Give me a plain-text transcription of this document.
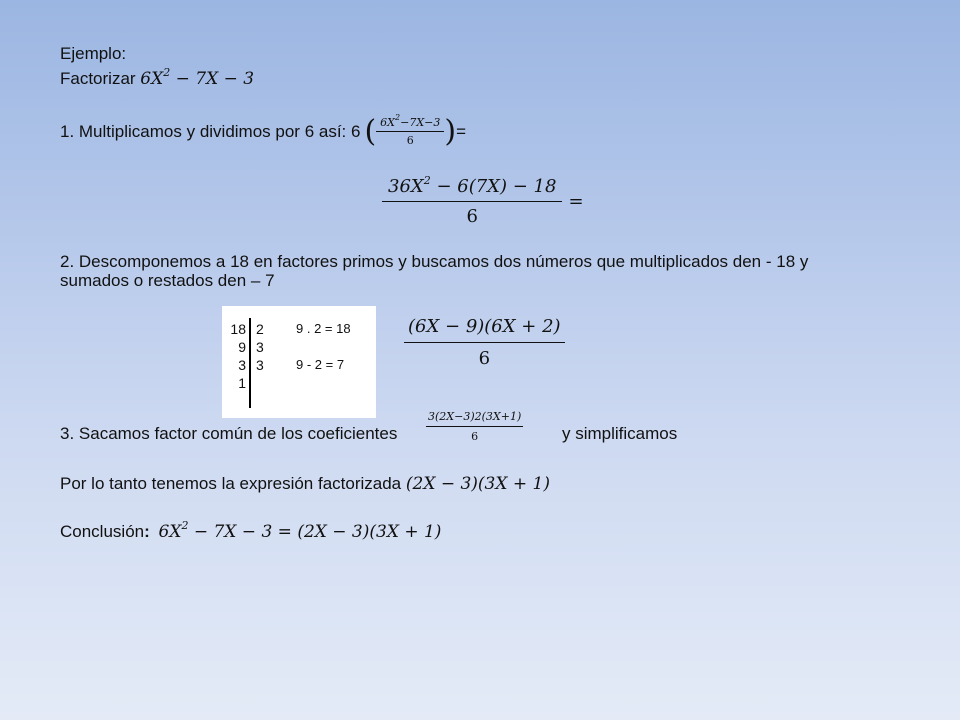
Ejemplo:
Factorizar $6X^2 - 7X - 3$
1. Multiplicamos y dividimos por 6 así: 6 ( $\frac{6X^2-7X-3}{6}$ ) =
$\frac{36X^2 - 6(7X) - 18}{6}$ =
2. Descomponemos a 18 en factores primos y buscamos dos números que multiplicados den - 18 y
sumados o restados den – 7
18
9
3
1
2
3
3
9 . 2 = 18
9 - 2 = 7	$\frac{(6X - 9)(6X + 2)}{6}$
3. Sacamos factor común de los coeficientes	$\frac{3(2X-3)2(3X+1)}{6}$ y simplificamos
Por lo tanto tenemos la expresión factorizada (2X − 3)(3X + 1)
Conclusión: $6X^2 - 7X - 3 = (2X - 3)(3X + 1)$
